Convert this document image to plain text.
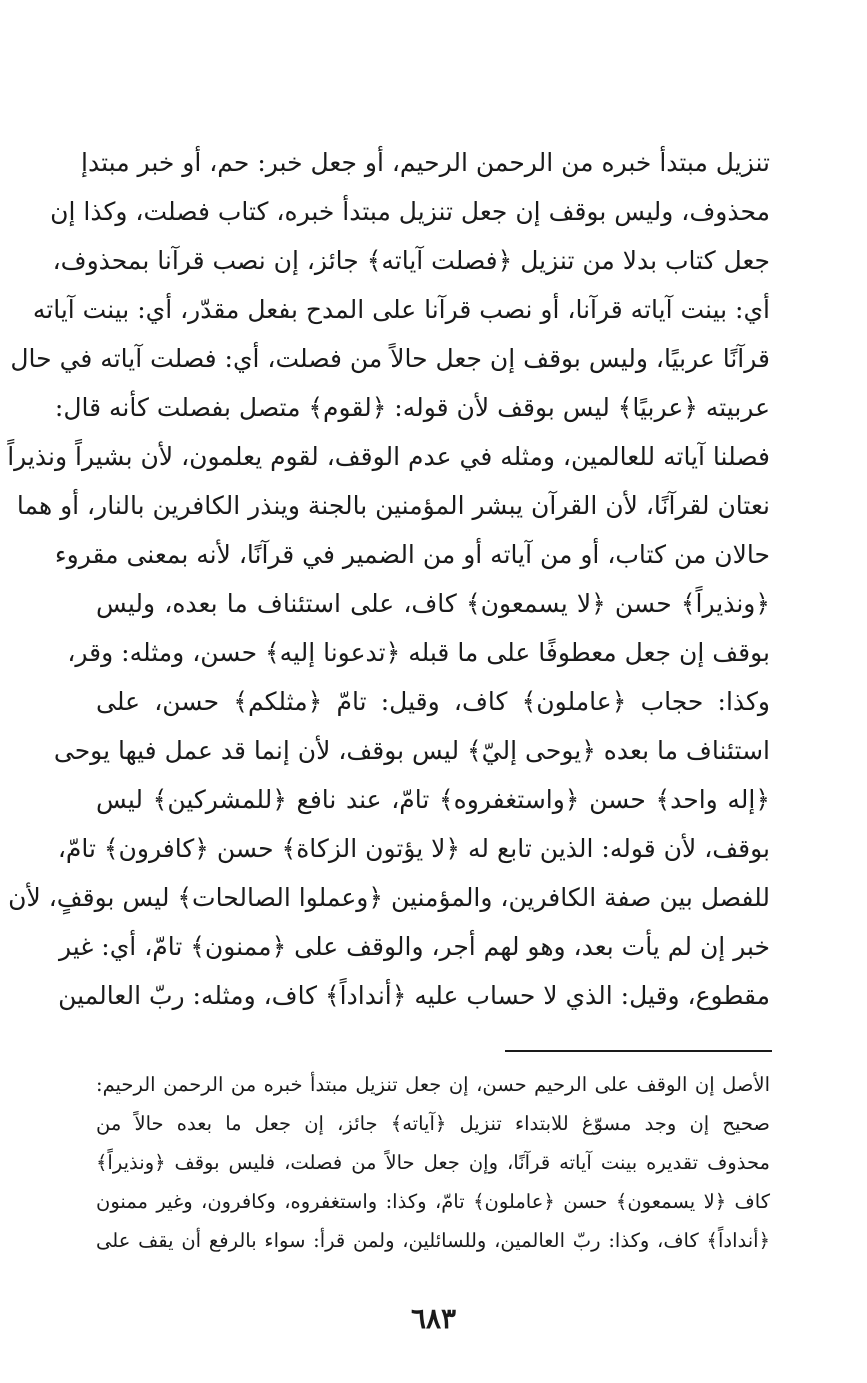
تنزيل مبتدأ خبره من الرحمن الرحيم، أو جعل خبر: حم، أو خبر مبتدإ
محذوف، وليس بوقف إن جعل تنزيل مبتدأ خبره، كتاب فصلت، وكذا إن
جعل كتاب بدلا من تنزيل ﴿فصلت آياته﴾ جائز، إن نصب قرآنا بمحذوف،
أي: بينت آياته قرآنا، أو نصب قرآنا على المدح بفعل مقدّر، أي: بينت آياته
قرآنًا عربيًا، وليس بوقف إن جعل حالاً من فصلت، أي: فصلت آياته في حال
عربيته ﴿عربيًا﴾ ليس بوقف لأن قوله: ﴿لقوم﴾ متصل بفصلت كأنه قال:
فصلنا آياته للعالمين، ومثله في عدم الوقف، لقوم يعلمون، لأن بشيراً ونذيراً
نعتان لقرآنًا، لأن القرآن يبشر المؤمنين بالجنة وينذر الكافرين بالنار، أو هما
حالان من كتاب، أو من آياته أو من الضمير في قرآنًا، لأنه بمعنى مقروء
﴿ونذيراً﴾ حسن ﴿لا يسمعون﴾ كاف، على استئناف ما بعده، وليس
بوقف إن جعل معطوفًا على ما قبله ﴿تدعونا إليه﴾ حسن، ومثله: وقر،
وكذا: حجاب ﴿عاملون﴾ كاف، وقيل: تامّ ﴿مثلكم﴾ حسن، على
استئناف ما بعده ﴿يوحى إليّ﴾ ليس بوقف، لأن إنما قد عمل فيها يوحى
﴿إله واحد﴾ حسن ﴿واستغفروه﴾ تامّ، عند نافع ﴿للمشركين﴾ ليس
بوقف، لأن قوله: الذين تابع له ﴿لا يؤتون الزكاة﴾ حسن ﴿كافرون﴾ تامّ،
للفصل بين صفة الكافرين، والمؤمنين ﴿وعملوا الصالحات﴾ ليس بوقفٍ، لأن
خبر إن لم يأت بعد، وهو لهم أجر، والوقف على ﴿ممنون﴾ تامّ، أي: غير
مقطوع، وقيل: الذي لا حساب عليه ﴿أنداداً﴾ كاف، ومثله: ربّ العالمين
الأصل إن الوقف على الرحيم حسن، إن جعل تنزيل مبتدأ خبره من الرحمن الرحيم:
صحيح إن وجد مسوّغ للابتداء تنزيل ﴿آياته﴾ جائز، إن جعل ما بعده حالاً من
محذوف تقديره بينت آياته قرآنًا، وإن جعل حالاً من فصلت، فليس بوقف ﴿ونذيراً﴾
كاف ﴿لا يسمعون﴾ حسن ﴿عاملون﴾ تامّ، وكذا: واستغفروه، وكافرون، وغير ممنون
﴿أنداداً﴾ كاف، وكذا: ربّ العالمين، وللسائلين، ولمن قرأ: سواء بالرفع أن يقف على
٦٨٣
